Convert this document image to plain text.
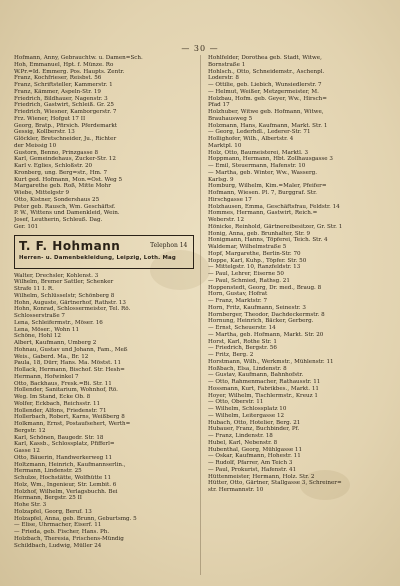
— 30 —
Hofmann, Anny, Gebrauchtw. u. Damen=Sch.
Hoh, Emmanuel, Hpt. f. Münze. Ro
W.Pr.=Id. Emmerg. Pos. Haupts. Zentr.
Franz, Kochfrieser, Reisbst. 56
Franz, Schriftsteller, Kammerstr. 1
Franz, Kämmer, Aspeln-Str. 19
Friedrich, Bildhauer, Nagenstr. 3
Friedrich, Gastwirt, Schleiß. Gr. 25
Friedrich, Wiesner, Kamborgerstr. 7
Frz. Wiener, Hofgut 17 II
Georg, Bratp., Pfirsich. Pferdemarkt
Gessig, Kollberstr. 13
Glöckler, Bretschneider, Ju., Richter
der Meissig 10
Gustorn, Benno, Prinzgasse 8
Karl, Gemeindehaus, Zucker-Str. 12
Karl v. Eglies, Schloßstr. 20
Kronberg, ung. Berg=str., Hm. 7
Kurt ged. Hofmann, Mon.=Ost. Weg 5
Margarethe geb. Roß, Mitte Mohr
Wiebe, Mittelgstr 9
Otto, Kistner, Sondershaus 25
Peter geb. Rausch, Wm. Geschäftsf.
P. W., Wittens und Damenkleid, Wein.
Josef, Leutherin, Schleuß. Dag.
Ger. 101
T. F. Hohmann	Telephon 14
Herren- u. Damenbekleidung, Leipzig, Loth. Mag
Walter, Drechsler, Kohlenst. 3
Wilhelm, Bremer Sattler, Schenker
Strafe 11 I. R.
Wilhelm, Schlüsselstr, Schönberg 8
Hohn, Auguste, Gärtnerhof, Rathstr. 13
Hohn, Konrad, Schlossermeister, Tel. Rö.
Schlosserstraße 7
Lena, Schleifermstr., Möser. 16
Lena, Möser., Wohn 11
Schöne, Hohl 12
Albert, Kaufmann, Umberg 2
Hohnau, Gustav und Johann, Fam., Meß
Weis., Gaberd. Ma., Br. 12
Paula, 18, Dürr, Hans. Ma. Möstst. 11
Hollack, Hermann, Bischof. Str. Hesh=
Hermann, Hofwinkel 7
Otto, Backhaus, Fresk.=Bi. Str. 11
Hollender, Sanitarium, Wohnhof, Rö.
Weg. Im Stand, Ecke Ob. 8
Wolfer, Eckbach, Reichsstr. 11
Hollender, Alfons, Friedenstr. 71
Hollerbach, Robert, Karns, Weißberg 8
Holkmann, Ernst, Postaufsehert, Werth=
Bergstr. 12
Karl, Schönen, Baugedr. Str. 18
Karl, Kassb., Schlossplatz, Pfifferl=
Gasse 12
Otto, Bäuerin, Handwerkerweg 11
Holtzmann, Heinrich, Kaufmannserlin.,
Hermann, Lindenstr. 25
Schulze, Hochstätte, Wolfhütte 11
Holz, Wm., Ingenieur, Str. Lembit. 6
Holzhof, Wilhelm, Verlagsbuchh. Bei
Hermann, Bergstr. 25 II
Hohe Str. 3
Holzapfel, Georg, Beruf. 13
Holzapfel, Anna, geb. Brunn, Geburtsmg. 5
— Elise, Uhrmacher, Eiserf. 11
— Frieda, geb. Fischer, Hans. Ph.
Holzbach, Theresia, Frischens-Mündig
Schildbach, Ludwig, Müller 24
Hohlfelder, Dorothea geb. Stadt, Witwe,
Bornstraße 1
Hohlsch., Otto, Schneidemstr., Aschenpl.
Loderstr. 8
— Ottilie, geb. Liebich, Wunsiedlerstr. 7
— Helmut, Weißer, Metzgermeister, M.
Holzbau, Hofm. geb. Geyer, Ww., Hirsch=
Pfad 17
Holzhuber, Witwe geb. Hofmann, Witwe,
Brauhausweg 5
Holzmann, Hans, Kaufmann, Markt. Str. 1
— Georg, Lederhdl., Lederer-Str. 71
Hollighofer, Wilh., Albertstr. 4
Marktpl. 10
Holz, Otto, Baumeisterei, Marktl. 3
Hoppmann, Hermann, Hbt. Zollhausgasse 3
— Emil, Steuermann, Hafenstr. 10
— Martha, geb. Winter, Ww., Wasserg.
Karlsg. 9
Homburg, Wilhelm, Kim.=Maler, Pfeifer=
Hofmann, Wiesen. Pl. 7, Burggraf. Str.
Hirschgasse 17
Holzhausen, Emma, Geschäftsfrau, Feldstr. 14
Hommes, Hermann, Gastwirt, Reich.=
Weberstr. 12
Hönicke, Reinhold, Gärtnereibesitzer, Gr. Str. 1
Honig, Anna, geb. Brunhalter, Str. 9
Honigmann, Hanns, Töpferei, Teich. Str. 4
Waldemar, Wilhelmstraße 5
Hopf, Margarethe, Berlin-Str. 70
Hoppe, Karl, Kuhp., Töpfer. Str. 50
— Mittelgstr. 10, Ranzfeldstr. 13
— Paul, Lehrer, Eiserne 50
— Paul, Schmied, Rathsg. 21
Hoppenstedt, Georg, Dr. med., Braug. 8
Horn, Gustav, Hofrat
— Franz, Marktstr. 7
Horn, Fritz, Kaufmann, Seinestr. 3
Hornberger, Theodor, Dachdeckermstr. 8
Hornung, Heinrich, Bäcker, Gerberg.
— Ernst, Scheuerstr. 14
— Martha, geb. Hofmann, Markt. Str. 20
Horst, Karl, Rothe Str. 1
— Friedrich, Bergstr. 56
— Fritz, Berg. 2
Horstmann, Wilh., Werkmstr., Mühlenstr. 11
Hoßbach, Elsa, Lindenstr. 8
— Gustav, Kaufmann, Bahnhofstr.
— Otto, Rahmenmacher, Rathausstr. 11
Hossmann, Kurt, Fabrikbes., Markt. 11
Hoyer, Wilhelm, Tischlermstr., Kreuz 1
— Otto, Oberstr. 11
— Wilhelm, Schlossplatz 10
— Wilhelm, Leitergasse 12
Hubach, Otto, Hotelier, Berg. 21
Hubauer, Franz, Buchbinder, Pf.
— Franz, Lindenstr. 18
Hubel, Karl, Nebenstr. 8
Hubenthal, Georg, Mühlgasse 11
— Oskar, Kaufmann, Hohestr. 11
— Rudolf, Pfarrer, Am Teich 3
— Paul, Prokurist, Hafenstr. 41
Hüttenmeister, Hermann, Holz. Str. 2
Hütter, Otto, Gärtner, Stallgasse 3, Schreiner=
str. Hermannstr. 10
